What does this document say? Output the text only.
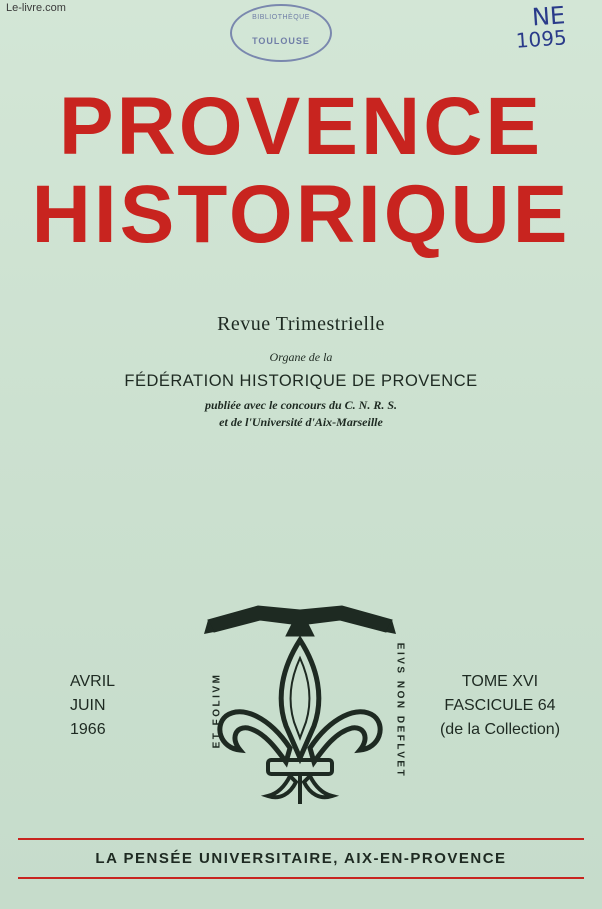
Le-livre.com
BIBLIOTHÈQUE
TOULOUSE
NE
1095
PROVENCE
HISTORIQUE
Revue Trimestrielle
Organe de la
FÉDÉRATION HISTORIQUE DE PROVENCE
publiée avec le concours du C. N. R. S.
et de l'Université d'Aix-Marseille
AVRIL
JUIN
1966
TOME XVI
FASCICULE 64
(de la Collection)
ET FOLIVM	EIVS NON DEFLVET
LA PENSÉE UNIVERSITAIRE, AIX-EN-PROVENCE
